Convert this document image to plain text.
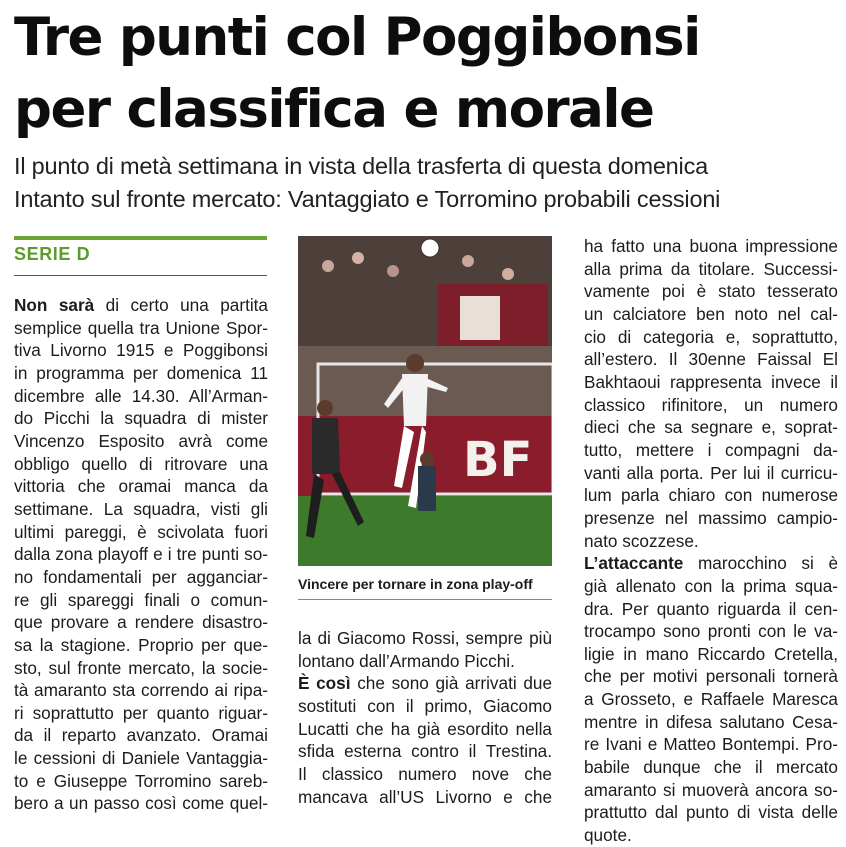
Tre punti col Poggibonsi
per classifica e morale
Il punto di metà settimana in vista della trasferta di questa domenica
Intanto sul fronte mercato: Vantaggiato e Torromino probabili cessioni
SERIE D
Non sarà di certo una partita
semplice quella tra Unione Spor-
tiva Livorno 1915 e Poggibonsi
in programma per domenica 11
dicembre alle 14.30. All’Arman-
do Picchi la squadra di mister
Vincenzo Esposito avrà come
obbligo quello di ritrovare una
vittoria che oramai manca da
settimane. La squadra, visti gli
ultimi pareggi, è scivolata fuori
dalla zona playoff e i tre punti so-
no fondamentali per agganciar-
re gli spareggi finali o comun-
que provare a rendere disastro-
sa la stagione. Proprio per que-
sto, sul fronte mercato, la socie-
tà amaranto sta correndo ai ripa-
ri soprattutto per quanto riguar-
da il reparto avanzato. Oramai
le cessioni di Daniele Vantaggia-
to e Giuseppe Torromino sareb-
bero a un passo così come quel-
BF
Vincere per tornare in zona play-off
la di Giacomo Rossi, sempre più
lontano dall’Armando Picchi.
È così che sono già arrivati due
sostituti con il primo, Giacomo
Lucatti che ha già esordito nella
sfida esterna contro il Trestina.
Il classico numero nove che
mancava all’US Livorno e che
ha fatto una buona impressione
alla prima da titolare. Successi-
vamente poi è stato tesserato
un calciatore ben noto nel cal-
cio di categoria e, soprattutto,
all’estero. Il 30enne Faissal El
Bakhtaoui rappresenta invece il
classico rifinitore, un numero
dieci che sa segnare e, soprat-
tutto, mettere i compagni da-
vanti alla porta. Per lui il curricu-
lum parla chiaro con numerose
presenze nel massimo campio-
nato scozzese.
L’attaccante marocchino si è
già allenato con la prima squa-
dra. Per quanto riguarda il cen-
trocampo sono pronti con le va-
ligie in mano Riccardo Cretella,
che per motivi personali tornerà
a Grosseto, e Raffaele Maresca
mentre in difesa salutano Cesa-
re Ivani e Matteo Bontempi. Pro-
babile dunque che il mercato
amaranto si muoverà ancora so-
prattutto dal punto di vista delle
quote.
